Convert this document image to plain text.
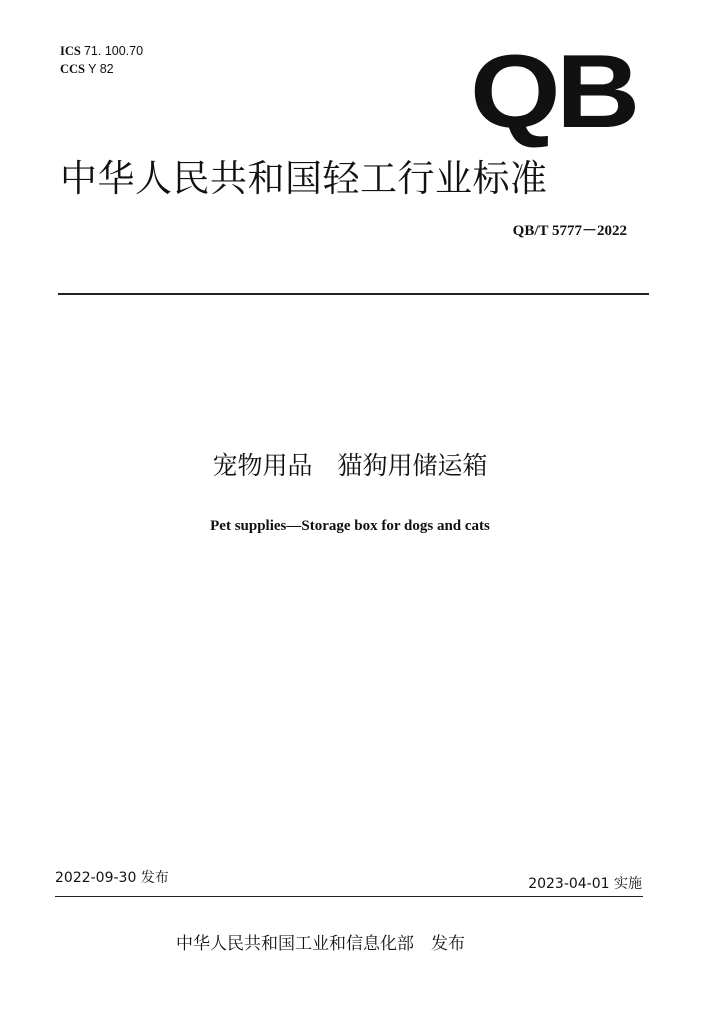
ICS 71. 100.70
CCS Y 82	QB
中华人民共和国轻工行业标准
QB/T 5777－2022
宠物用品　猫狗用储运箱
Pet supplies—Storage box for dogs and cats
2022-09-30 发布	2023-04-01 实施
中华人民共和国工业和信息化部　发布
